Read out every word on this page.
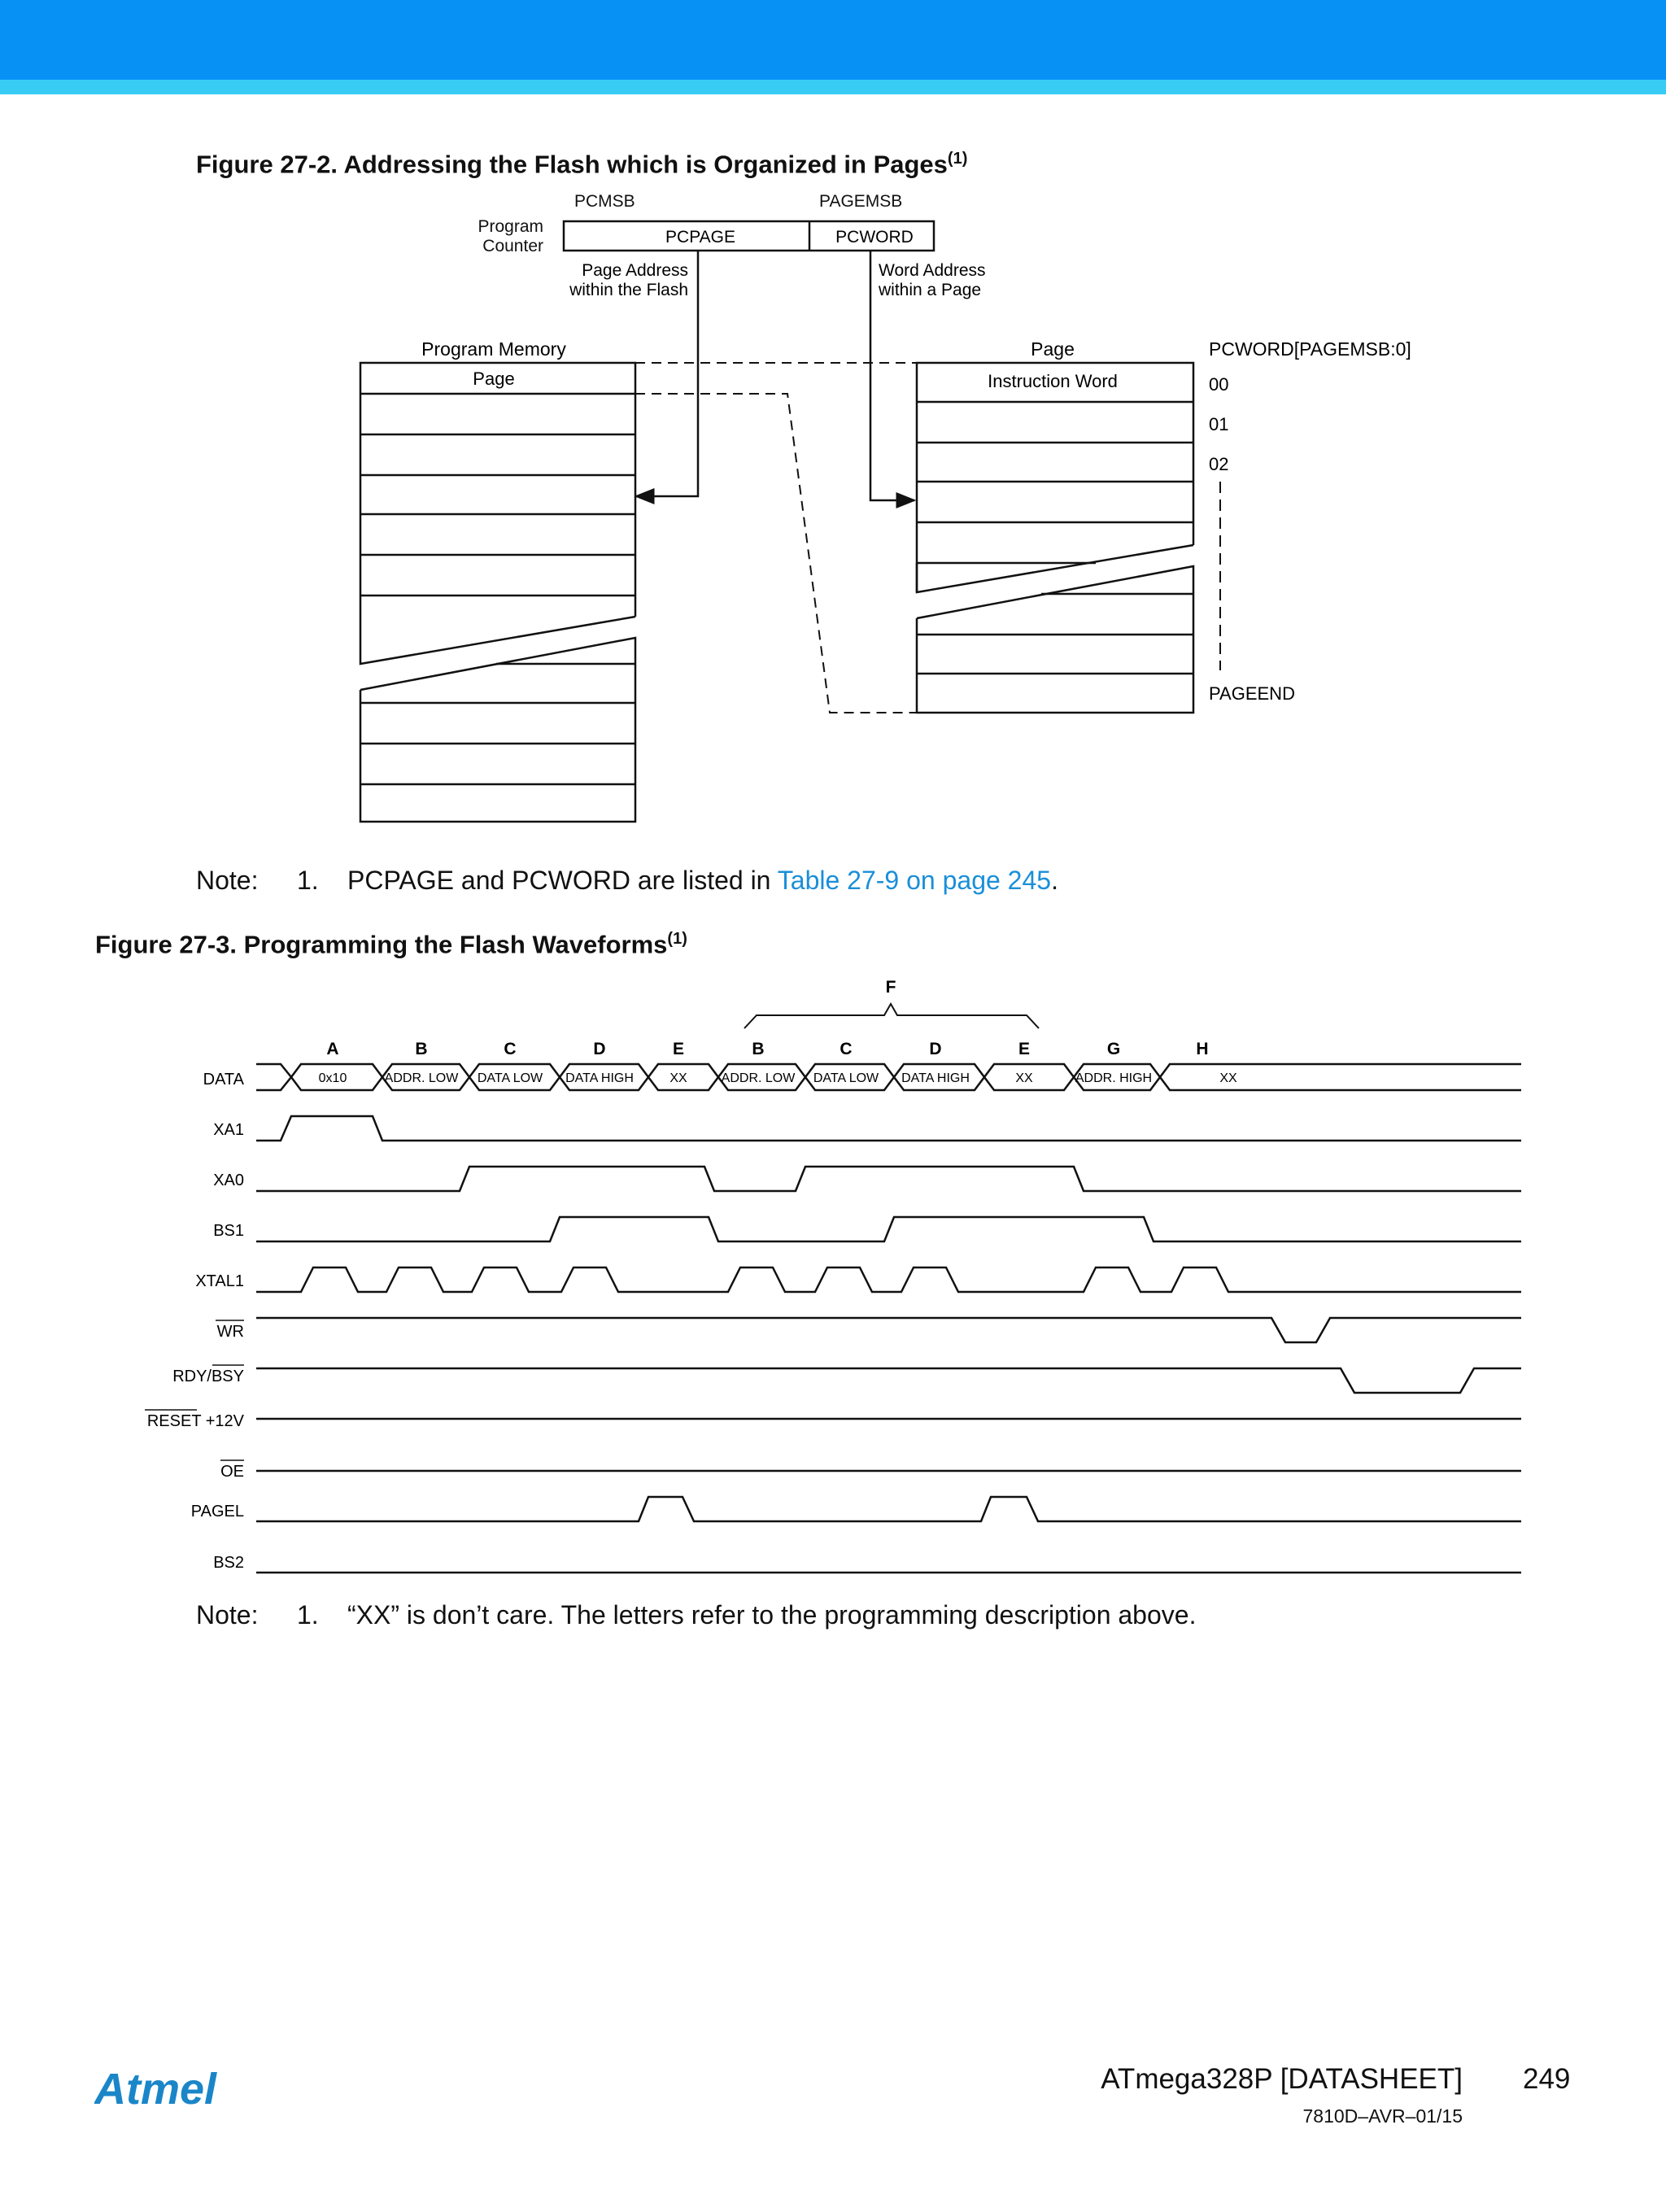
Figure 27-2. Addressing the Flash which is Organized in Pages$^{(1)}$
PCMSB	PAGEMSB
Program
Counter	PCPAGE	PCWORD
Page Address
within the Flash
Word Address
within a Page
Program Memory
Page
Page	PCWORD[PAGEMSB:0]
Instruction Word	00
01
02
PAGEEND
Note: 1. PCPAGE and PCWORD are listed in Table 27-9 on page 245.
Figure 27-3. Programming the Flash Waveforms$^{(1)}$
F
A	B	C	D	E	B	C	D	E	G	H
DATA
XA1
XA0
BS1
XTAL1
WR
RDY/BSY
RESET +12V
OE
PAGEL
BS2
0x10	ADDR. LOW DATA LOW DATA HIGH	XX	ADDR. LOW DATA LOW DATA HIGH	XX	ADDR. HIGH	XX
Note: 1. “XX” is don’t care. The letters refer to the programming description above.
Atmel	ATmega328P [DATASHEET] 249
7810D–AVR–01/15
